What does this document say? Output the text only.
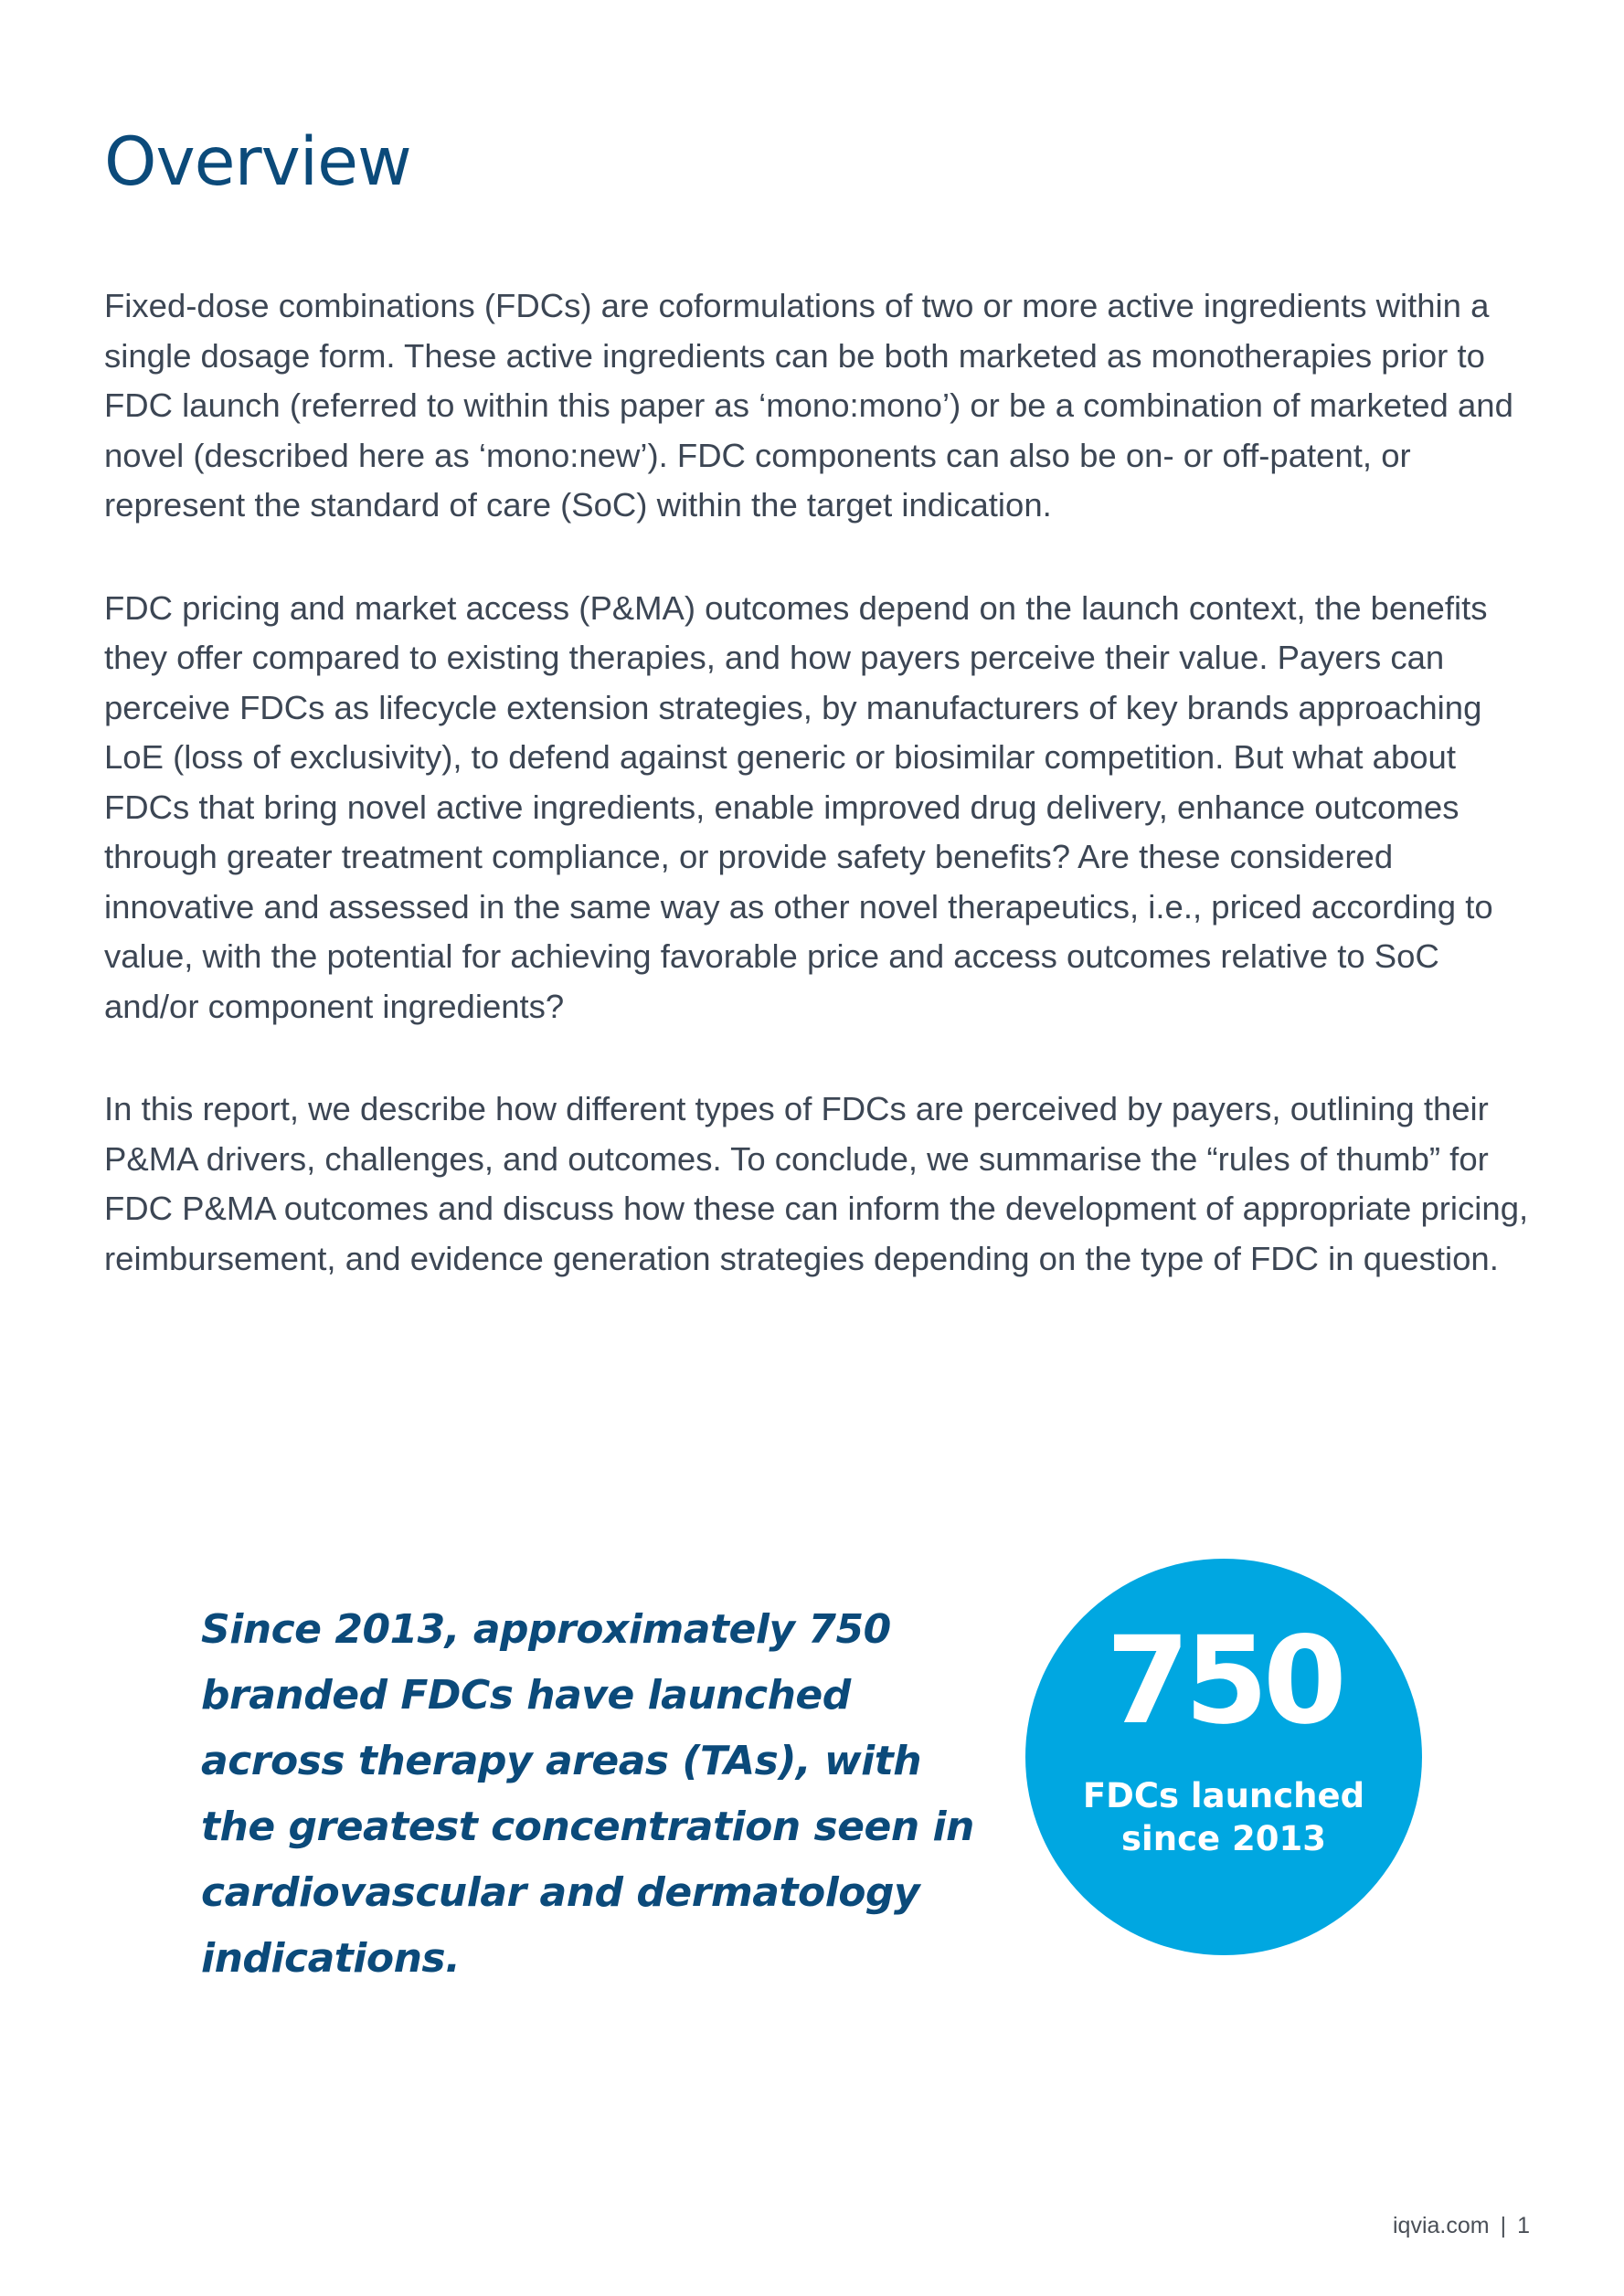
Overview

Fixed-dose combinations (FDCs) are coformulations of two or more active ingredients within a single dosage form. These active ingredients can be both marketed as monotherapies prior to FDC launch (referred to within this paper as ‘mono:mono’) or be a combination of marketed and novel (described here as ‘mono:new’). FDC components can also be on- or off-patent, or represent the standard of care (SoC) within the target indication.

FDC pricing and market access (P&MA) outcomes depend on the launch context, the benefits they offer compared to existing therapies, and how payers perceive their value. Payers can perceive FDCs as lifecycle extension strategies, by manufacturers of key brands approaching LoE (loss of exclusivity), to defend against generic or biosimilar competition. But what about FDCs that bring novel active ingredients, enable improved drug delivery, enhance outcomes through greater treatment compliance, or provide safety benefits? Are these considered innovative and assessed in the same way as other novel therapeutics, i.e., priced according to value, with the potential for achieving favorable price and access outcomes relative to SoC and/or component ingredients?

In this report, we describe how different types of FDCs are perceived by payers, outlining their P&MA drivers, challenges, and outcomes. To conclude, we summarise the “rules of thumb” for FDC P&MA outcomes and discuss how these can inform the development of appropriate pricing, reimbursement, and evidence generation strategies depending on the type of FDC in question.

Since 2013, approximately 750 branded FDCs have launched across therapy areas (TAs), with the greatest concentration seen in cardiovascular and dermatology indications.

750
FDCs launched
since 2013
iqvia.com | 1
